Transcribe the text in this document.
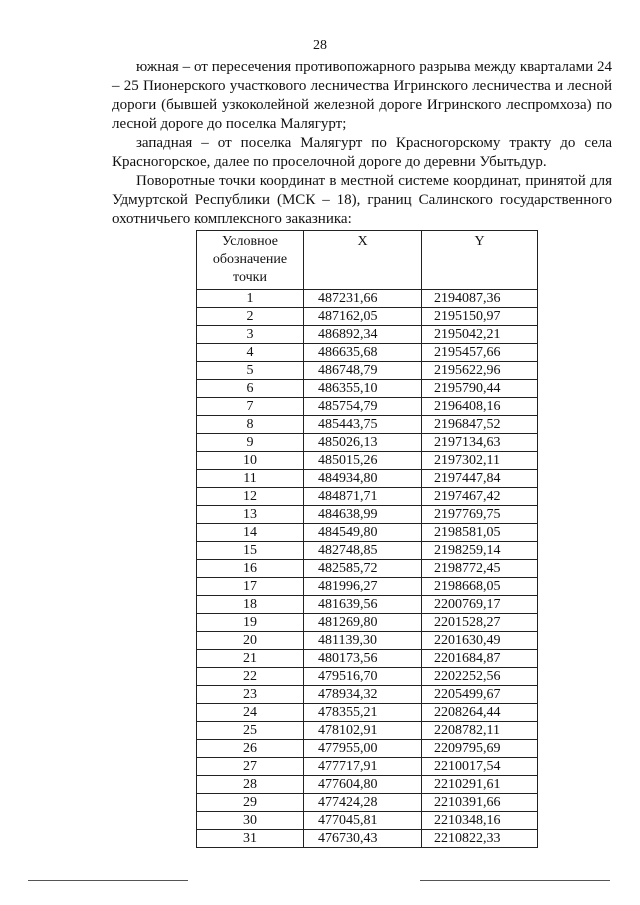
28

южная – от пересечения противопожарного разрыва между кварталами 24 – 25 Пионерского участкового лесничества Игринского лесничества и лесной дороги (бывшей узкоколейной железной дороге Игринского леспромхоза) по лесной дороге до поселка Малягурт;

западная – от поселка Малягурт по Красногорскому тракту до села Красногорское, далее по проселочной дороге до деревни Убытьдур.

Поворотные точки координат в местной системе координат, принятой для Удмуртской Республики (МСК – 18), границ Салинского государственного охотничьего комплексного заказника:

Условное обозначение точки	X	Y
1	487231,66	2194087,36
2	487162,05	2195150,97
3	486892,34	2195042,21
4	486635,68	2195457,66
5	486748,79	2195622,96
6	486355,10	2195790,44
7	485754,79	2196408,16
8	485443,75	2196847,52
9	485026,13	2197134,63
10	485015,26	2197302,11
11	484934,80	2197447,84
12	484871,71	2197467,42
13	484638,99	2197769,75
14	484549,80	2198581,05
15	482748,85	2198259,14
16	482585,72	2198772,45
17	481996,27	2198668,05
18	481639,56	2200769,17
19	481269,80	2201528,27
20	481139,30	2201630,49
21	480173,56	2201684,87
22	479516,70	2202252,56
23	478934,32	2205499,67
24	478355,21	2208264,44
25	478102,91	2208782,11
26	477955,00	2209795,69
27	477717,91	2210017,54
28	477604,80	2210291,61
29	477424,28	2210391,66
30	477045,81	2210348,16
31	476730,43	2210822,33
